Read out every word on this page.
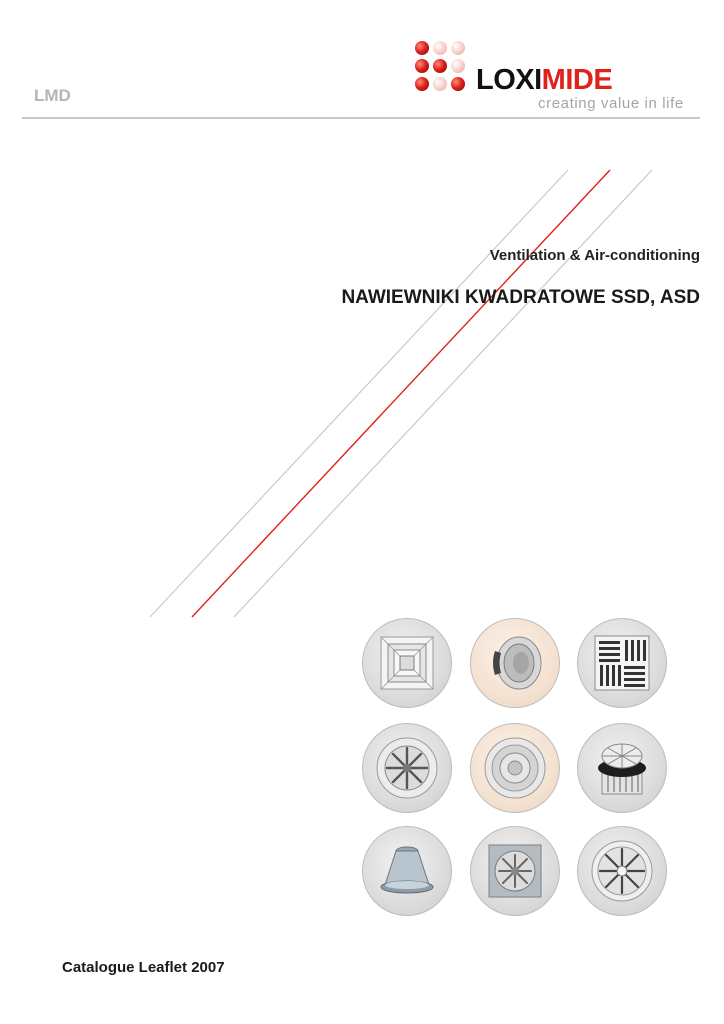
LMD	LOXIMIDE
creating value in life
Ventilation & Air-conditioning
NAWIEWNIKI KWADRATOWE SSD, ASD
Catalogue Leaflet 2007
